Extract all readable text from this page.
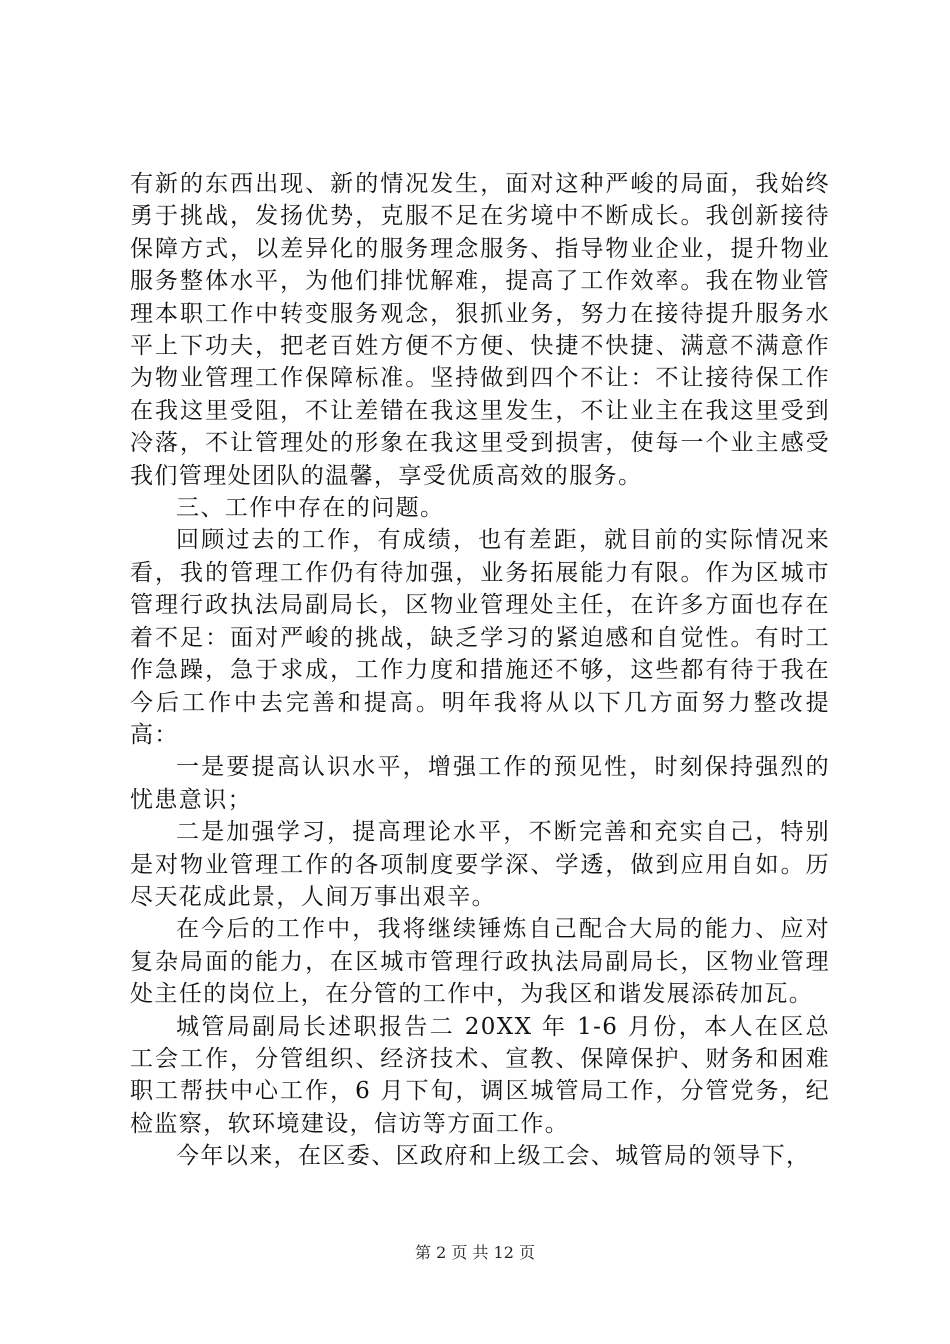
有新的东西出现、新的情况发生，面对这种严峻的局面，我始终勇于挑战，发扬优势，克服不足在劣境中不断成长。我创新接待保障方式，以差异化的服务理念服务、指导物业企业，提升物业服务整体水平，为他们排忧解难，提高了工作效率。我在物业管理本职工作中转变服务观念，狠抓业务，努力在接待提升服务水平上下功夫，把老百姓方便不方便、快捷不快捷、满意不满意作为物业管理工作保障标准。坚持做到四个不让：不让接待保工作在我这里受阻，不让差错在我这里发生，不让业主在我这里受到冷落，不让管理处的形象在我这里受到损害，使每一个业主感受我们管理处团队的温馨，享受优质高效的服务。

三、工作中存在的问题。

回顾过去的工作，有成绩，也有差距，就目前的实际情况来看，我的管理工作仍有待加强，业务拓展能力有限。作为区城市管理行政执法局副局长，区物业管理处主任，在许多方面也存在着不足：面对严峻的挑战，缺乏学习的紧迫感和自觉性。有时工作急躁，急于求成，工作力度和措施还不够，这些都有待于我在今后工作中去完善和提高。明年我将从以下几方面努力整改提高：

一是要提高认识水平，增强工作的预见性，时刻保持强烈的忧患意识；

二是加强学习，提高理论水平，不断完善和充实自己，特别是对物业管理工作的各项制度要学深、学透，做到应用自如。历尽天花成此景，人间万事出艰辛。

在今后的工作中，我将继续锤炼自己配合大局的能力、应对复杂局面的能力，在区城市管理行政执法局副局长，区物业管理处主任的岗位上，在分管的工作中，为我区和谐发展添砖加瓦。

城管局副局长述职报告二 20XX 年 1-6 月份，本人在区总工会工作，分管组织、经济技术、宣教、保障保护、财务和困难职工帮扶中心工作，6 月下旬，调区城管局工作，分管党务，纪检监察，软环境建设，信访等方面工作。

今年以来，在区委、区政府和上级工会、城管局的领导下，

第 2 页 共 12 页
